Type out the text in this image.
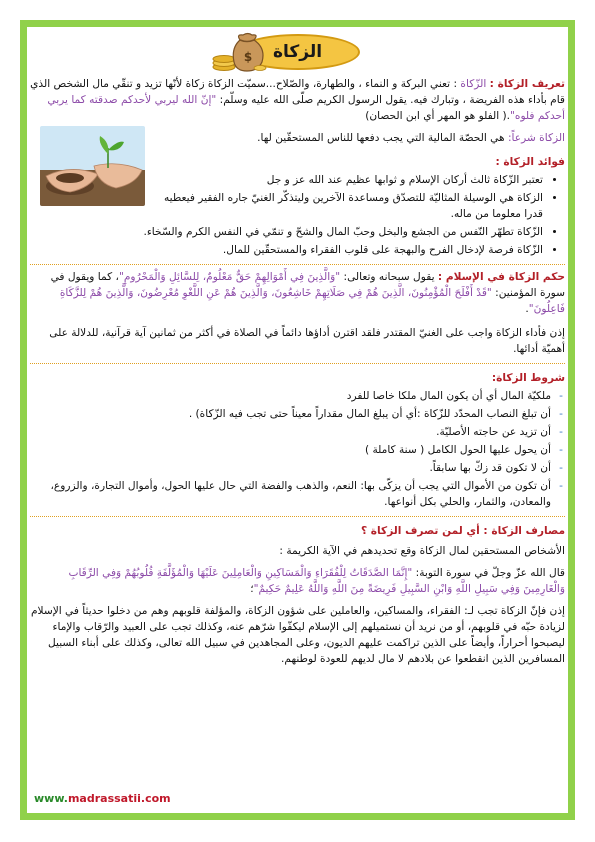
$	الزكاة

تعريف الزكاة : الزّكاة : تعني البركة و النماء ، والطهارة، والصّلاح...سميّت الزكاة زكاة لأنّها تزيد و تنقّي مال الشخص الذي قام بأداء هذه الفريضة ، وتبارك فيه. يقول الرسول الكريم صلّى الله عليه وسلّم: "إنّ الله ليربي لأحدكم صدقته كما يربي أحدكم فلوه".( الفلو هو المهر أي ابن الحصان)

الزكاة شرعاً: هي الحصّة المالية التي يجب دفعها للناس المستحقّين لها.

فوائد الزكاة :

• تعتبر الزّكاة ثالث أركان الإسلام و ثوابها عظيم عند الله عز و جل
• الزكاة هي الوسيلة المثاليّة للتصدّق ومساعدة الآخرين وليتذكّر الغنيّ جاره الفقير فيعطيه قدرا معلوما من ماله.
• الزّكاة تطهّر النّفس من الجشع والبخل وحبّ المال والشحّ و تنمّي في النفس الكرم والسّخاء.
• الزّكاة فرصة لإدخال الفرح والبهجة على قلوب الفقراء والمستحقّين للمال.

حكم الزكاة في الإسلام : يقول سبحانه وتعالى: "وَالَّذِينَ فِي أَمْوَالِهِمْ حَقٌّ مَعْلُومٌ، لِلسَّائِلِ وَالْمَحْرُومِ"، كما ويقول في سورة المؤمنين: "قَدْ أَفْلَحَ الْمُؤْمِنُونَ، الَّذِينَ هُمْ فِي صَلَاتِهِمْ خَاشِعُونَ، وَالَّذِينَ هُمْ عَنِ اللَّغْوِ مُعْرِضُونَ، وَالَّذِينَ هُمْ لِلزَّكَاةِ فَاعِلُونَ".

إذن فأداء الزكاة واجب على الغنيّ المقتدر فلقد اقترن أداؤها دائماً في الصلاة في أكثر من ثمانين آية قرآنية، للدلالة على أهميّة أدائها.

شروط الزكاة:

- ملكيّة المال أي أن يكون المال ملكا خاصا للفرد
- أن تبلغ النصاب المحدّد للزّكاة :أي أن يبلغ المال مقداراً معيناً حتى تجب فيه الزّكاة) .
- أن تزيد عن حاجته الأصليّة.
- أن يحول عليها الحول الكامل ( سنة كاملة )
- أن لا تكون قد زكّ بها سابقاً.
- أن تكون من الأموال التي يجب أن يزكّى بها: النعم، والذهب والفضة التي حال عليها الحول، وأموال التجارة، والزروع، والمعادن، والثمار، والحلي بكل أنواعها.

مصارف الزكاة : أي لمن تصرف الزكاة ؟

الأشخاص المستحقين لمال الزكاة وقع تحديدهم في الآية الكريمة :

قال الله عزّ وجلّ في سورة التوبة: "إِنَّمَا الصَّدَقَاتُ لِلْفُقَرَاءِ وَالْمَسَاكِينِ وَالْعَامِلِينَ عَلَيْهَا وَالْمُؤَلَّفَةِ قُلُوبُهُمْ وَفِي الرِّقَابِ وَالْغَارِمِينَ وَفِي سَبِيلِ اللَّهِ وَابْنِ السَّبِيلِ فَرِيضَةً مِنَ اللَّهِ وَاللَّهُ عَلِيمٌ حَكِيمٌ"؛

إذن فإنّ الزكاة تجب لـ: الفقراء، والمساكين، والعاملين على شؤون الزكاة، والمؤلفة قلوبهم وهم من دخلوا حديثاً في الإسلام لزيادة حبّه في قلوبهم، أو من نريد أن نستميلهم إلى الإسلام ليكفّوا شرّهم عنه، وكذلك تجب على العبيد والرّقاب والإماء ليصبحوا أحراراً، وأيضاً على الذين تراكمت عليهم الديون، وعلى المجاهدين في سبيل الله تعالى، وكذلك على أبناء السبيل المسافرين الذين انقطعوا عن بلادهم لا مال لديهم للعودة لوطنهم.

www.madrassatii.com
